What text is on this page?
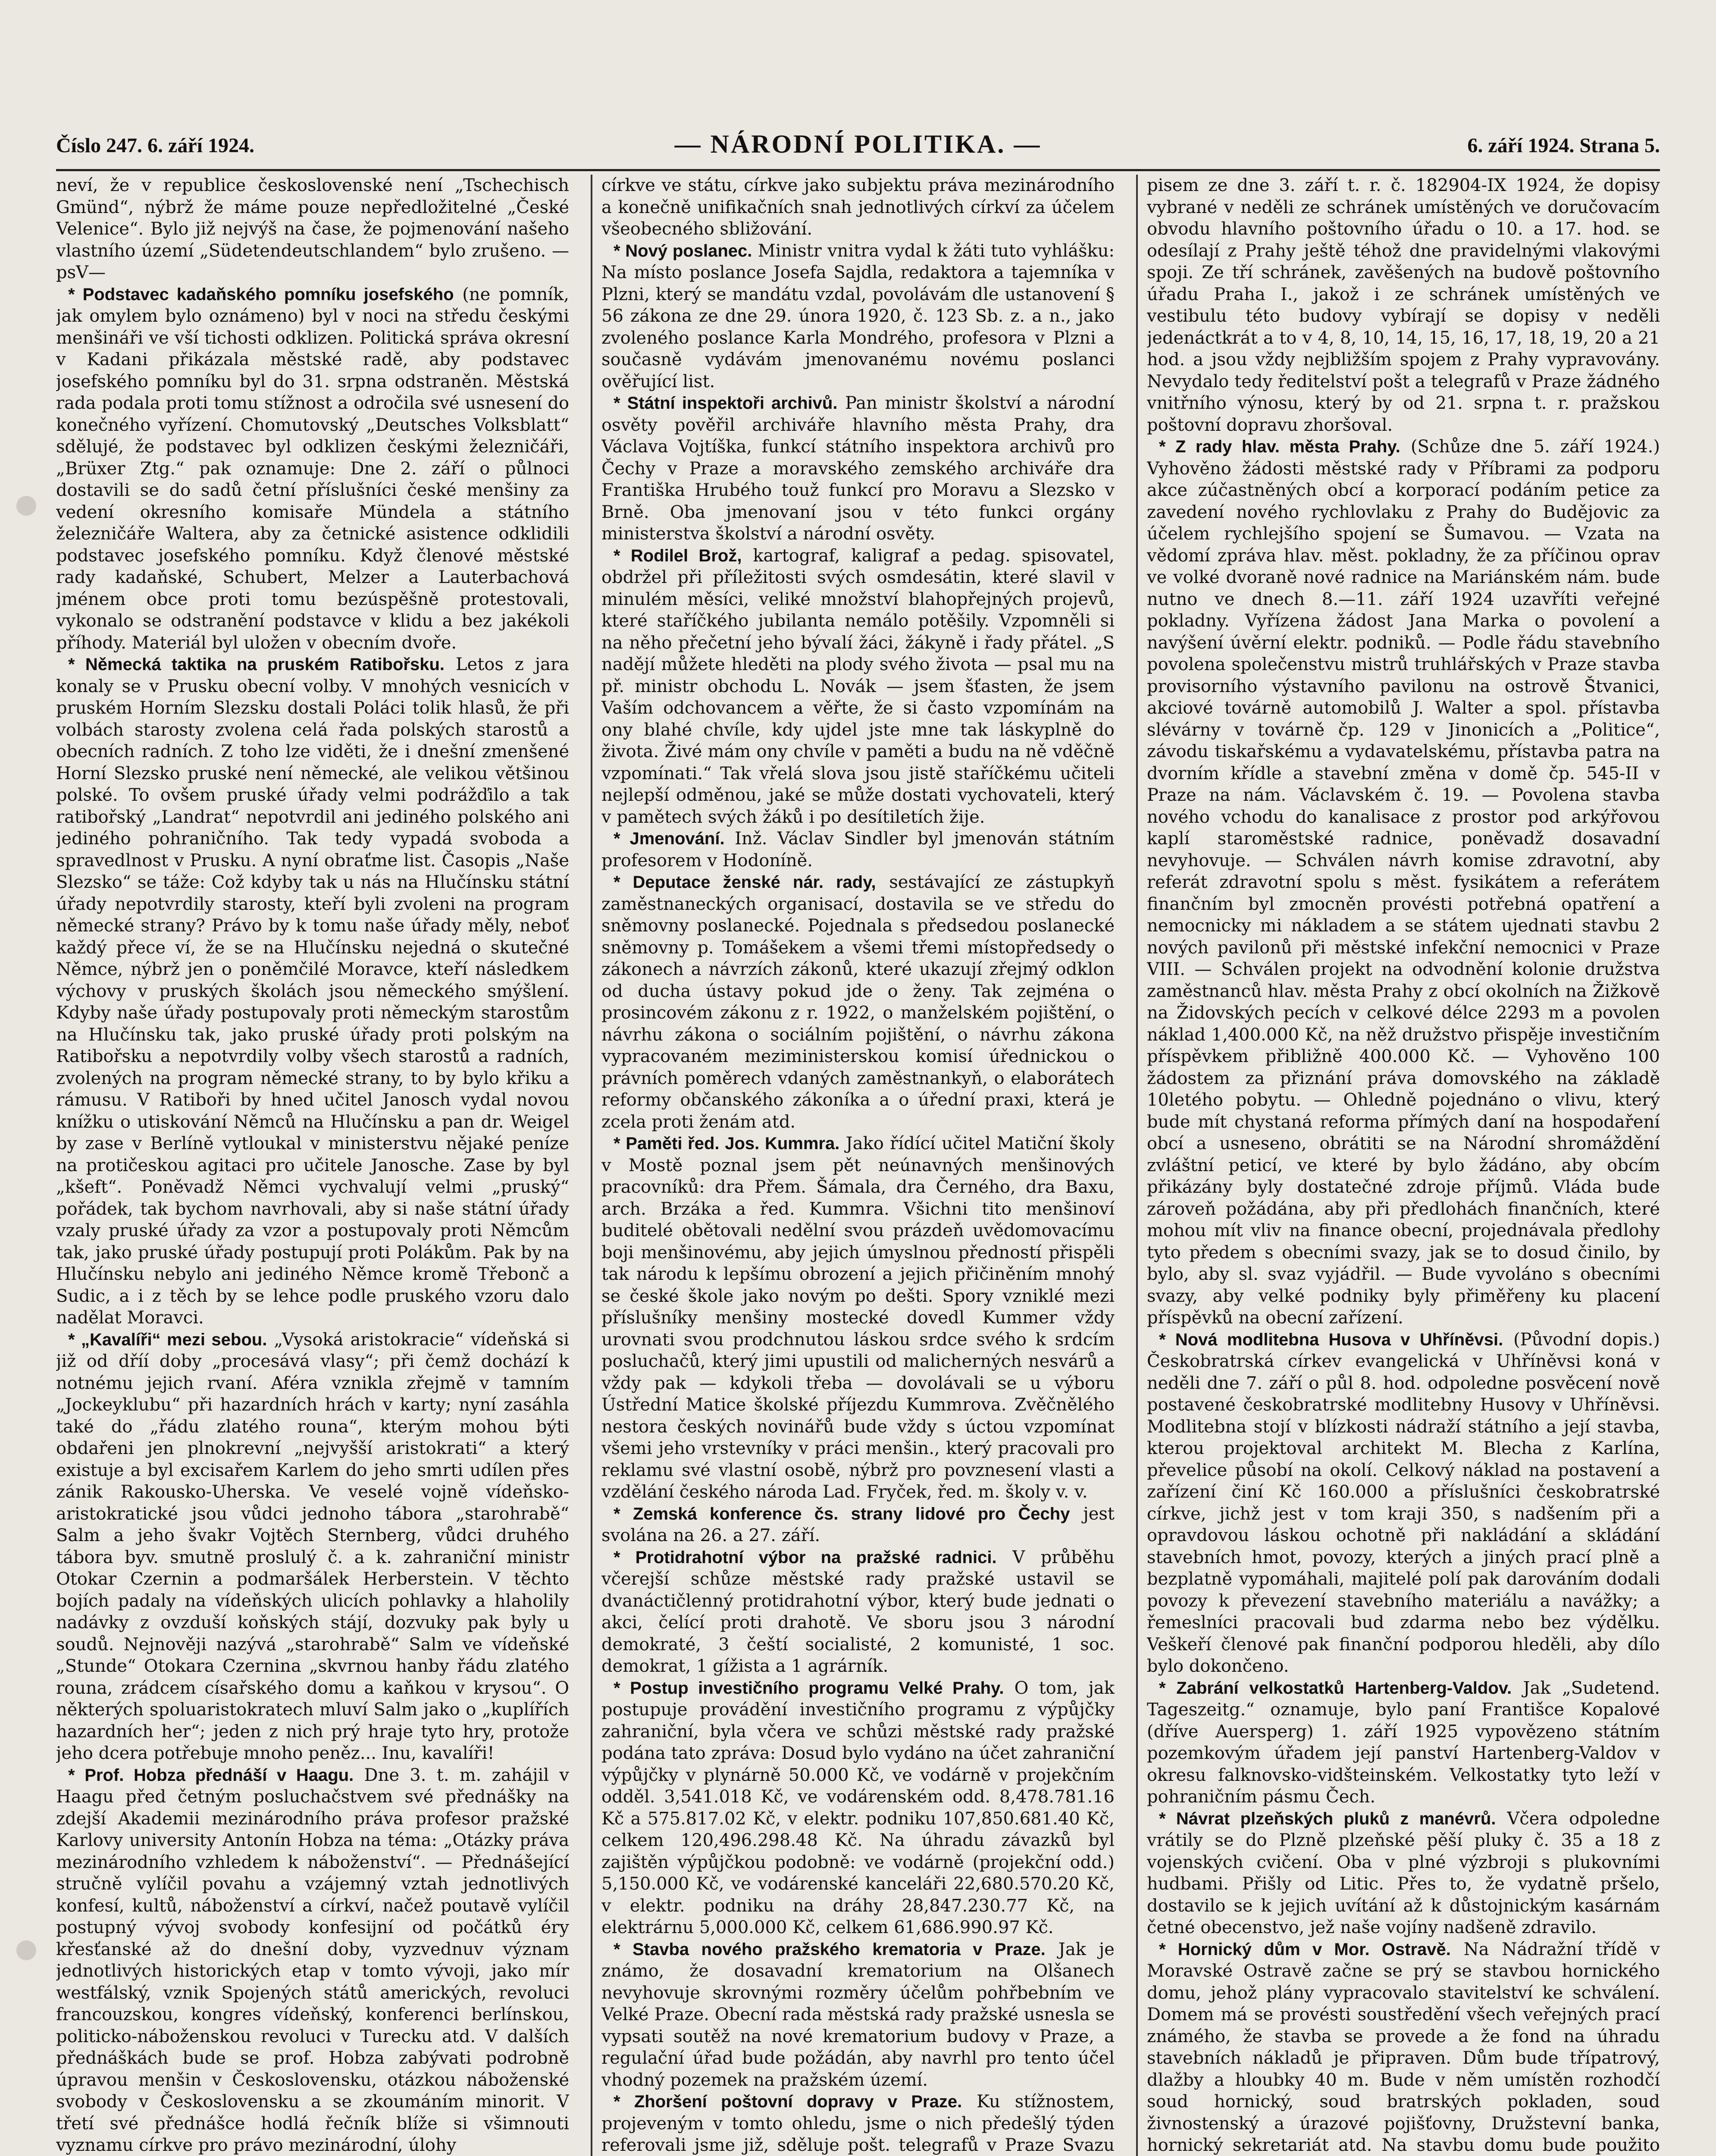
Číslo 247. 6. září 1924.	— NÁRODNÍ POLITIKA. —	6. září 1924. Strana 5.

neví, že v republice československé není „Tschechisch Gmünd“, nýbrž že máme pouze nepředložitelné „České Velenice“. Bylo již nejvýš na čase, že pojmenování našeho vlastního území „Südetendeutschlandem“ bylo zrušeno. —psV—

* Podstavec kadaňského pomníku josefského (ne pomník, jak omylem bylo oznámeno) byl v noci na středu českými menšináři ve vší tichosti odklizen. Politická správa okresní v Kadani přikázala městské radě, aby podstavec josefského pomníku byl do 31. srpna odstraněn. Městská rada podala proti tomu stížnost a odročila své usnesení do konečného vyřízení. Chomutovský „Deutsches Volksblatt“ sdělujé, že podstavec byl odklizen českými železničáři, „Brüxer Ztg.“ pak oznamuje: Dne 2. září o půlnoci dostavili se do sadů četní příslušníci české menšiny za vedení okresního komisaře Mündela a státního železničáře Waltera, aby za četnické asistence odklidili podstavec josefského pomníku. Když členové městské rady kadaňské, Schubert, Melzer a Lauterbachová jménem obce proti tomu bezúspěšně protestovali, vykonalo se odstranění podstavce v klidu a bez jakékoli příhody. Materiál byl uložen v obecním dvoře.

* Německá taktika na pruském Ratibořsku. Letos z jara konaly se v Prusku obecní volby. V mnohých vesnicích v pruském Horním Slezsku dostali Poláci tolik hlasů, že při volbách starosty zvolena celá řada polských starostů a obecních radních. Z toho lze viděti, že i dnešní zmenšené Horní Slezsko pruské není německé, ale velikou většinou polské. To ovšem pruské úřady velmi podrážďilo a tak ratibořský „Landrat“ nepotvrdil ani jediného polského ani jediného pohraničního. Tak tedy vypadá svoboda a spravedlnost v Prusku. A nyní obraťme list. Časopis „Naše Slezsko“ se táže: Což kdyby tak u nás na Hlučínsku státní úřady nepotvrdily starosty, kteří byli zvoleni na program německé strany? Právo by k tomu naše úřady měly, neboť každý přece ví, že se na Hlučínsku nejedná o skutečné Němce, nýbrž jen o poněmčilé Moravce, kteří následkem výchovy v pruských školách jsou německého smýšlení. Kdyby naše úřady postupovaly proti německým starostům na Hlučínsku tak, jako pruské úřady proti polským na Ratibořsku a nepotvrdily volby všech starostů a radních, zvolených na program německé strany, to by bylo křiku a rámusu. V Ratiboři by hned učitel Janosch vydal novou knížku o utiskování Němců na Hlučínsku a pan dr. Weigel by zase v Berlíně vytloukal v ministerstvu nějaké peníze na protičeskou agitaci pro učitele Janosche. Zase by byl „kšeft“. Poněvadž Němci vychvalují velmi „pruský“ pořádek, tak bychom navrhovali, aby si naše státní úřady vzaly pruské úřady za vzor a postupovaly proti Němcům tak, jako pruské úřady postupují proti Polákům. Pak by na Hlučínsku nebylo ani jediného Němce kromě Třebonč a Sudic, a i z těch by se lehce podle pruského vzoru dalo nadělat Moravci.

* „Kavalíři“ mezi sebou. „Vysoká aristokracie“ vídeňská si již od dříí doby „procesává vlasy“; při čemž dochází k notnému jejich rvaní. Aféra vznikla zřejmě v tamním „Jockeyklubu“ při hazardních hrách v karty; nyní zasáhla také do „řádu zlatého rouna“, kterým mohou býti obdařeni jen plnokrevní „nejvyšší aristokrati“ a který existuje a byl excisařem Karlem do jeho smrti udílen přes zánik Rakousko-Uherska. Ve veselé vojně vídeňsko-aristokratické jsou vůdci jednoho tábora „starohrabě“ Salm a jeho švakr Vojtěch Sternberg, vůdci druhého tábora byv. smutně proslulý č. a k. zahraniční ministr Otokar Czernin a podmaršálek Herberstein. V těchto bojích padaly na vídeňských ulicích pohlavky a hlaholily nadávky z ovzduší koňských stájí, dozvuky pak byly u soudů. Nejnověji nazývá „starohrabě“ Salm ve vídeňské „Stunde“ Otokara Czernina „skvrnou hanby řádu zlatého rouna, zrádcem císařského domu a kaňkou v krysou“. O některých spoluaristokratech mluví Salm jako o „kuplířích hazardních her“; jeden z nich prý hraje tyto hry, protože jeho dcera potřebuje mnoho peněz... Inu, kavalíři!

* Prof. Hobza přednáší v Haagu. Dne 3. t. m. zahájil v Haagu před četným posluchačstvem své přednášky na zdejší Akademii mezinárodního práva profesor pražské Karlovy university Antonín Hobza na téma: „Otázky práva mezinárodního vzhledem k náboženství“. — Přednášející stručně vylíčil povahu a vzájemný vztah jednotlivých konfesí, kultů, náboženství a církví, načež poutavě vylíčil postupný vývoj svobody konfesijní od počátků éry křesťanské až do dnešní doby, vyzvednuv význam jednotlivých historických etap v tomto vývoji, jako mír westfálský, vznik Spojených států amerických, revoluci francouzskou, kongres vídeňský, konferenci berlínskou, politicko-náboženskou revoluci v Turecku atd. V dalších přednáškách bude se prof. Hobza zabývati podrobně úpravou menšin v Československu, otázkou náboženské svobody v Československu a se zkoumáním minorit. V třetí své přednášce hodlá řečník blíže si všimnouti vyznamu církve pro právo mezinárodní, úlohy

církve ve státu, církve jako subjektu práva mezinárodního a konečně unifikačních snah jednotlivých církví za účelem všeobecného sbližování.

* Nový poslanec. Ministr vnitra vydal k žáti tuto vyhlášku: Na místo poslance Josefa Sajdla, redaktora a tajemníka v Plzni, který se mandátu vzdal, povolávám dle ustanovení § 56 zákona ze dne 29. února 1920, č. 123 Sb. z. a n., jako zvoleného poslance Karla Mondrého, profesora v Plzni a současně vydávám jmenovanému novému poslanci ověřující list.

* Státní inspektoři archivů. Pan ministr školství a národní osvěty pověřil archiváře hlavního města Prahy, dra Václava Vojtíška, funkcí státního inspektora archivů pro Čechy v Praze a moravského zemského archiváře dra Františka Hrubého touž funkcí pro Moravu a Slezsko v Brně. Oba jmenovaní jsou v této funkci orgány ministerstva školství a národní osvěty.

* Rodilel Brož, kartograf, kaligraf a pedag. spisovatel, obdržel při příležitosti svých osmdesátin, které slavil v minulém měsíci, veliké množství blahopřejných projevů, které staříčkého jubilanta nemálo potěšily. Vzpomněli si na něho přečetní jeho bývalí žáci, žákyně i řady přátel. „S nadějí můžete hleděti na plody svého života — psal mu na př. ministr obchodu L. Novák — jsem šťasten, že jsem Vaším odchovancem a věřte, že si často vzpomínám na ony blahé chvíle, kdy ujdel jste mne tak láskyplně do života. Živé mám ony chvíle v paměti a budu na ně vděčně vzpomínati.“ Tak vřelá slova jsou jistě staříčkému učiteli nejlepší odměnou, jaké se může dostati vychovateli, který v pamětech svých žáků i po desítiletích žije.

* Jmenování. Inž. Václav Sindler byl jmenován státním profesorem v Hodoníně.

* Deputace ženské nár. rady, sestávající ze zástupkyň zaměstnaneckých organisací, dostavila se ve středu do sněmovny poslanecké. Pojednala s předsedou poslanecké sněmovny p. Tomášekem a všemi třemi místopředsedy o zákonech a návrzích zákonů, které ukazují zřejmý odklon od ducha ústavy pokud jde o ženy. Tak zejména o prosincovém zákonu z r. 1922, o manželském pojištění, o návrhu zákona o sociálním pojištění, o návrhu zákona vypracovaném meziministerskou komisí úřednickou o právních poměrech vdaných zaměstnankyň, o elaborátech reformy občanského zákoníka a o úřední praxi, která je zcela proti ženám atd.

* Paměti řed. Jos. Kummra. Jako řídící učitel Matiční školy v Mostě poznal jsem pět neúnavných menšinových pracovníků: dra Přem. Šámala, dra Černého, dra Baxu, arch. Brzáka a řed. Kummra. Všichni tito menšinoví buditelé obětovali nedělní svou prázdeň uvědomovacímu boji menšinovému, aby jejich úmyslnou předností přispěli tak národu k lepšímu obrození a jejich přičiněním mnohý se české škole jako novým po dešti. Spory vzniklé mezi příslušníky menšiny mostecké dovedl Kummer vždy urovnati svou prodchnutou láskou srdce svého k srdcím posluchačů, který jimi upustili od malicherných nesvárů a vždy pak — kdykoli třeba — dovolávali se u výboru Ústřední Matice školské příjezdu Kummrova. Zvěčnělého nestora českých novinářů bude vždy s úctou vzpomínat všemi jeho vrstevníky v práci menšin., který pracovali pro reklamu své vlastní osobě, nýbrž pro povznesení vlasti a vzdělání českého národa Lad. Fryček, řed. m. školy v. v.

* Zemská konference čs. strany lidové pro Čechy jest svolána na 26. a 27. září.

* Protidrahotní výbor na pražské radnici. V průběhu včerejší schůze městské rady pražské ustavil se dvanáctičlenný protidrahotní výbor, který bude jednati o akci, čelící proti drahotě. Ve sboru jsou 3 národní demokraté, 3 čeští socialisté, 2 komunisté, 1 soc. demokrat, 1 gížista a 1 agrárník.

* Postup investičního programu Velké Prahy. O tom, jak postupuje provádění investičního programu z výpůjčky zahraniční, byla včera ve schůzi městské rady pražské podána tato zpráva: Dosud bylo vydáno na účet zahraniční výpůjčky v plynárně 50.000 Kč, ve vodárně v projekčním odděl. 3,541.018 Kč, ve vodárenském odd. 8,478.781.16 Kč a 575.817.02 Kč, v elektr. podniku 107,850.681.40 Kč, celkem 120,496.298.48 Kč. Na úhradu závazků byl zajištěn výpůjčkou podobně: ve vodárně (projekční odd.) 5,150.000 Kč, ve vodárenské kanceláři 22,680.570.20 Kč, v elektr. podniku na dráhy 28,847.230.77 Kč, na elektrárnu 5,000.000 Kč, celkem 61,686.990.97 Kč.

* Stavba nového pražského krematoria v Praze. Jak je známo, že dosavadní krematorium na Olšanech nevyhovuje skrovnými rozměry účelům pohřbebním ve Velké Praze. Obecní rada městská rady pražské usnesla se vypsati soutěž na nové krematorium budovy v Praze, a regulační úřad bude požádán, aby navrhl pro tento účel vhodný pozemek na pražském území.

* Zhoršení poštovní dopravy v Praze. Ku stížnostem, projeveným v tomto ohledu, jsme o nich předešlý týden referovali jsme již, sděluje pošt. telegrafů v Praze Svazu

pisem ze dne 3. září t. r. č. 182904-IX 1924, že dopisy vybrané v neděli ze schránek umístěných ve doručovacím obvodu hlavního poštovního úřadu o 10. a 17. hod. se odesílají z Prahy ještě téhož dne pravidelnými vlakovými spoji. Ze tří schránek, zavěšených na budově poštovního úřadu Praha I., jakož i ze schránek umístěných ve vestibulu této budovy vybírají se dopisy v neděli jedenáctkrát a to v 4, 8, 10, 14, 15, 16, 17, 18, 19, 20 a 21 hod. a jsou vždy nejbližším spojem z Prahy vypravovány. Nevydalo tedy ředitelství pošt a telegrafů v Praze žádného vnitřního výnosu, který by od 21. srpna t. r. pražskou poštovní dopravu zhoršoval.

* Z rady hlav. města Prahy. (Schůze dne 5. září 1924.) Vyhověno žádosti městské rady v Příbrami za podporu akce zúčastněných obcí a korporací podáním petice za zavedení nového rychlovlaku z Prahy do Budějovic za účelem rychlejšího spojení se Šumavou. — Vzata na vědomí zpráva hlav. měst. pokladny, že za příčinou oprav ve volké dvoraně nové radnice na Mariánském nám. bude nutno ve dnech 8.—11. září 1924 uzavříti veřejné pokladny. Vyřízena žádost Jana Marka o povolení a navýšení úvěrní elektr. podniků. — Podle řádu stavebního povolena společenstvu mistrů truhlářských v Praze stavba provisorního výstavního pavilonu na ostrově Štvanici, akciové továrně automobilů J. Walter a spol. přístavba slévárny v továrně čp. 129 v Jinonicích a „Politice“, závodu tiskařskému a vydavatelskému, přístavba patra na dvorním křídle a stavební změna v domě čp. 545-II v Praze na nám. Václavském č. 19. — Povolena stavba nového vchodu do kanalisace z prostor pod arkýřovou kaplí staroměstské radnice, poněvadž dosavadní nevyhovuje. — Schválen návrh komise zdravotní, aby referát zdravotní spolu s měst. fysikátem a referátem finančním byl zmocněn provésti potřebná opatření a nemocnicky mi nákladem a se státem ujednati stavbu 2 nových pavilonů při městské infekční nemocnici v Praze VIII. — Schválen projekt na odvodnění kolonie družstva zaměstnanců hlav. města Prahy z obcí okolních na Žižkově na Židovských pecích v celkové délce 2293 m a povolen náklad 1,400.000 Kč, na něž družstvo přispěje investičním příspěvkem přibližně 400.000 Kč. — Vyhověno 100 žádostem za přiznání práva domovského na základě 10letého pobytu. — Ohledně pojednáno o vlivu, který bude mít chystaná reforma přímých daní na hospodaření obcí a usneseno, obrátiti se na Národní shromáždění zvláštní peticí, ve které by bylo žádáno, aby obcím přikázány byly dostatečné zdroje příjmů. Vláda bude zároveň požádána, aby při předlohách finančních, které mohou mít vliv na finance obecní, projednávala předlohy tyto předem s obecními svazy, jak se to dosud činilo, by bylo, aby sl. svaz vyjádřil. — Bude vyvoláno s obecními svazy, aby velké podniky byly přiměřeny ku placení příspěvků na obecní zařízení.

* Nová modlitebna Husova v Uhříněvsi. (Původní dopis.) Českobratrská církev evangelická v Uhříněvsi koná v neděli dne 7. září o půl 8. hod. odpoledne posvěcení nově postavené českobratrské modlitebny Husovy v Uhříněvsi. Modlitebna stojí v blízkosti nádraží státního a její stavba, kterou projektoval architekt M. Blecha z Karlína, převelice působí na okolí. Celkový náklad na postavení a zařízení činí Kč 160.000 a příslušníci českobratrské církve, jichž jest v tom kraji 350, s nadšením při a opravdovou láskou ochotně při nakládání a skládání stavebních hmot, povozy, kterých a jiných prací plně a bezplatně vypomáhali, majitelé polí pak darováním dodali povozy k převezení stavebního materiálu a navážky; a řemeslníci pracovali bud zdarma nebo bez výdělku. Veškeří členové pak finanční podporou hleděli, aby dílo bylo dokončeno.

* Zabrání velkostatků Hartenberg-Valdov. Jak „Sudetend. Tageszeitg.“ oznamuje, bylo paní Františce Kopalové (dříve Auersperg) 1. září 1925 vypovězeno státním pozemkovým úřadem její panství Hartenberg-Valdov v okresu falknovsko-vidšteinském. Velkostatky tyto leží v pohraničním pásmu Čech.

* Návrat plzeňských pluků z manévrů. Včera odpoledne vrátily se do Plzně plzeňské pěší pluky č. 35 a 18 z vojenských cvičení. Oba v plné výzbroji s plukovními hudbami. Přišly od Litic. Přes to, že vydatně pršelo, dostavilo se k jejich uvítání až k důstojnickým kasárnám četné obecenstvo, jež naše vojíny nadšeně zdravilo.

* Hornický dům v Mor. Ostravě. Na Nádražní třídě v Moravské Ostravě začne se prý se stavbou hornického domu, jehož plány vypracovalo stavitelství ke schválení. Domem má se provésti soustředění všech veřejných prací známého, že stavba se provede a že fond na úhradu stavebních nákladů je připraven. Dům bude třípatrový, dlažby a hloubky 40 m. Bude v něm umístěn rozhodčí soud hornický, soud bratrských pokladen, soud živnostenský a úrazové pojišťovny, Družstevní banka, hornický sekretariát atd. Na stavbu domu bude použito
